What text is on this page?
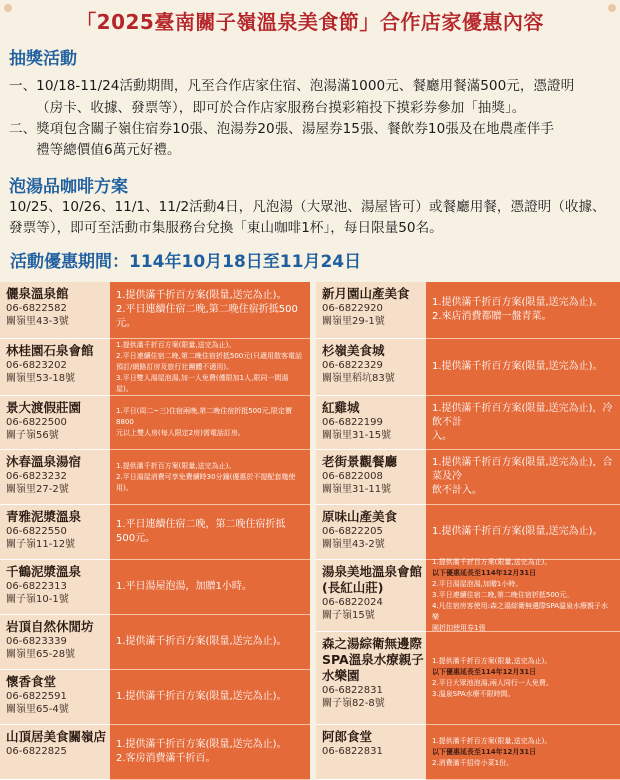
「2025臺南關子嶺溫泉美食節」合作店家優惠內容
抽獎活動
一、10/18-11/24活動期間，凡至合作店家住宿、泡湯滿1000元、餐廳用餐滿500元，憑證明
（房卡、收據、發票等），即可於合作店家服務台摸彩箱投下摸彩券參加「抽獎」。
二、獎項包含關子嶺住宿券10張、泡湯券20張、湯屋券15張、餐飲券10張及在地農產伴手
禮等總價值6萬元好禮。
泡湯品咖啡方案
10/25、10/26、11/1、11/2活動4日，凡泡湯（大眾池、湯屋皆可）或餐廳用餐，憑證明（收據、
發票等），即可至活動市集服務台兌換「東山咖啡1杯」，每日限量50名。
活動優惠期間：114年10月18日至11月24日
儷泉溫泉館
06-6822582
關嶺里43-3號
1.提供滿千折百方案(限量,送完為止)。
2.平日連續住宿二晚,第二晚住宿折抵500元。
林桂園石泉會館
06-6823202
關嶺里53-18號
1.提供滿千折百方案(限量,送完為止)。
2.平日連續住宿二晚,第二晚住宿折抵500元(只適用散客電話
預訂/網路訂房及旅行社團體不適用)。
3.平日雙人湯屋泡湯,加一人免費(僅限加1人,限同一間湯屋)。
景大渡假莊園
06-6822500
關子嶺56號
1.平日(周二~三)住宿兩晚,第二晚住宿折抵500元,限定價8800
元以上雙人房(每人限定2房)需電話訂房。
沐春溫泉湯宿
06-6823232
關嶺里27-2號
1.提供滿千折百方案(限量,送完為止)。
2.平日湯屋消費可享免費續時30分鐘(優惠於不提配套幾使用)。
青雅泥漿溫泉
06-6822550
關子嶺11-12號
1.平日連續住宿二晚，第二晚住宿折抵500元。
千鶴泥漿溫泉
06-6822313
關子嶺10-1號
1.平日湯屋泡湯，加贈1小時。
岩頂自然休閒坊
06-6823339
關嶺里65-28號
1.提供滿千折百方案(限量,送完為止)。
懷香食堂
06-6822591
關嶺里65-4號
1.提供滿千折百方案(限量,送完為止)。
山頂居美食關嶺店
06-6822825
1.提供滿千折百方案(限量,送完為止)。
2.客房消費滿千折百。
新月園山產美食
06-6822920
關嶺里29-1號
1.提供滿千折百方案(限量,送完為止)。
2.來店消費都贈一盤青菜。
杉嶺美食城
06-6822329
關嶺里稻坑83號
1.提供滿千折百方案(限量,送完為止)。
紅雞城
06-6822199
關嶺里31-15號
1.提供滿千折百方案(限量,送完為止)，冷飲不計
入。
老街景觀餐廳
06-6822008
關嶺里31-11號
1.提供滿千折百方案(限量,送完為止)，合菜及冷
飲不計入。
原味山產美食
06-6822205
關嶺里43-2號
1.提供滿千折百方案(限量,送完為止)。
湯泉美地溫泉會館
(長紅山莊)
06-6822024
關子嶺15號
1.提供滿千折百方案(限量,送完為止)。
以下優惠延長至114年12月31日
2.平日湯屋泡湯,加贈1小時。
3.平日連續住宿二晚,第二晚住宿折抵500元。
4.凡住宿房客使用:森之湯綜衛無邊際SPA溫泉水療親子水樂
園折扣使用券1張
森之湯綜衛無邊際
SPA溫泉水療親子
水樂園
06-6822831
關子嶺82-8號
1.提供滿千折百方案(限量,送完為止)。
以下優惠延長至114年12月31日
2.平日大眾池泡湯,兩人同行一人免費。
3.溫泉SPA水療不限時間。
阿郎食堂
06-6822831
1.提供滿千折百方案(限量,送完為止)。
以下優惠延長至114年12月31日
2.消費滿千招待小菜1份。
